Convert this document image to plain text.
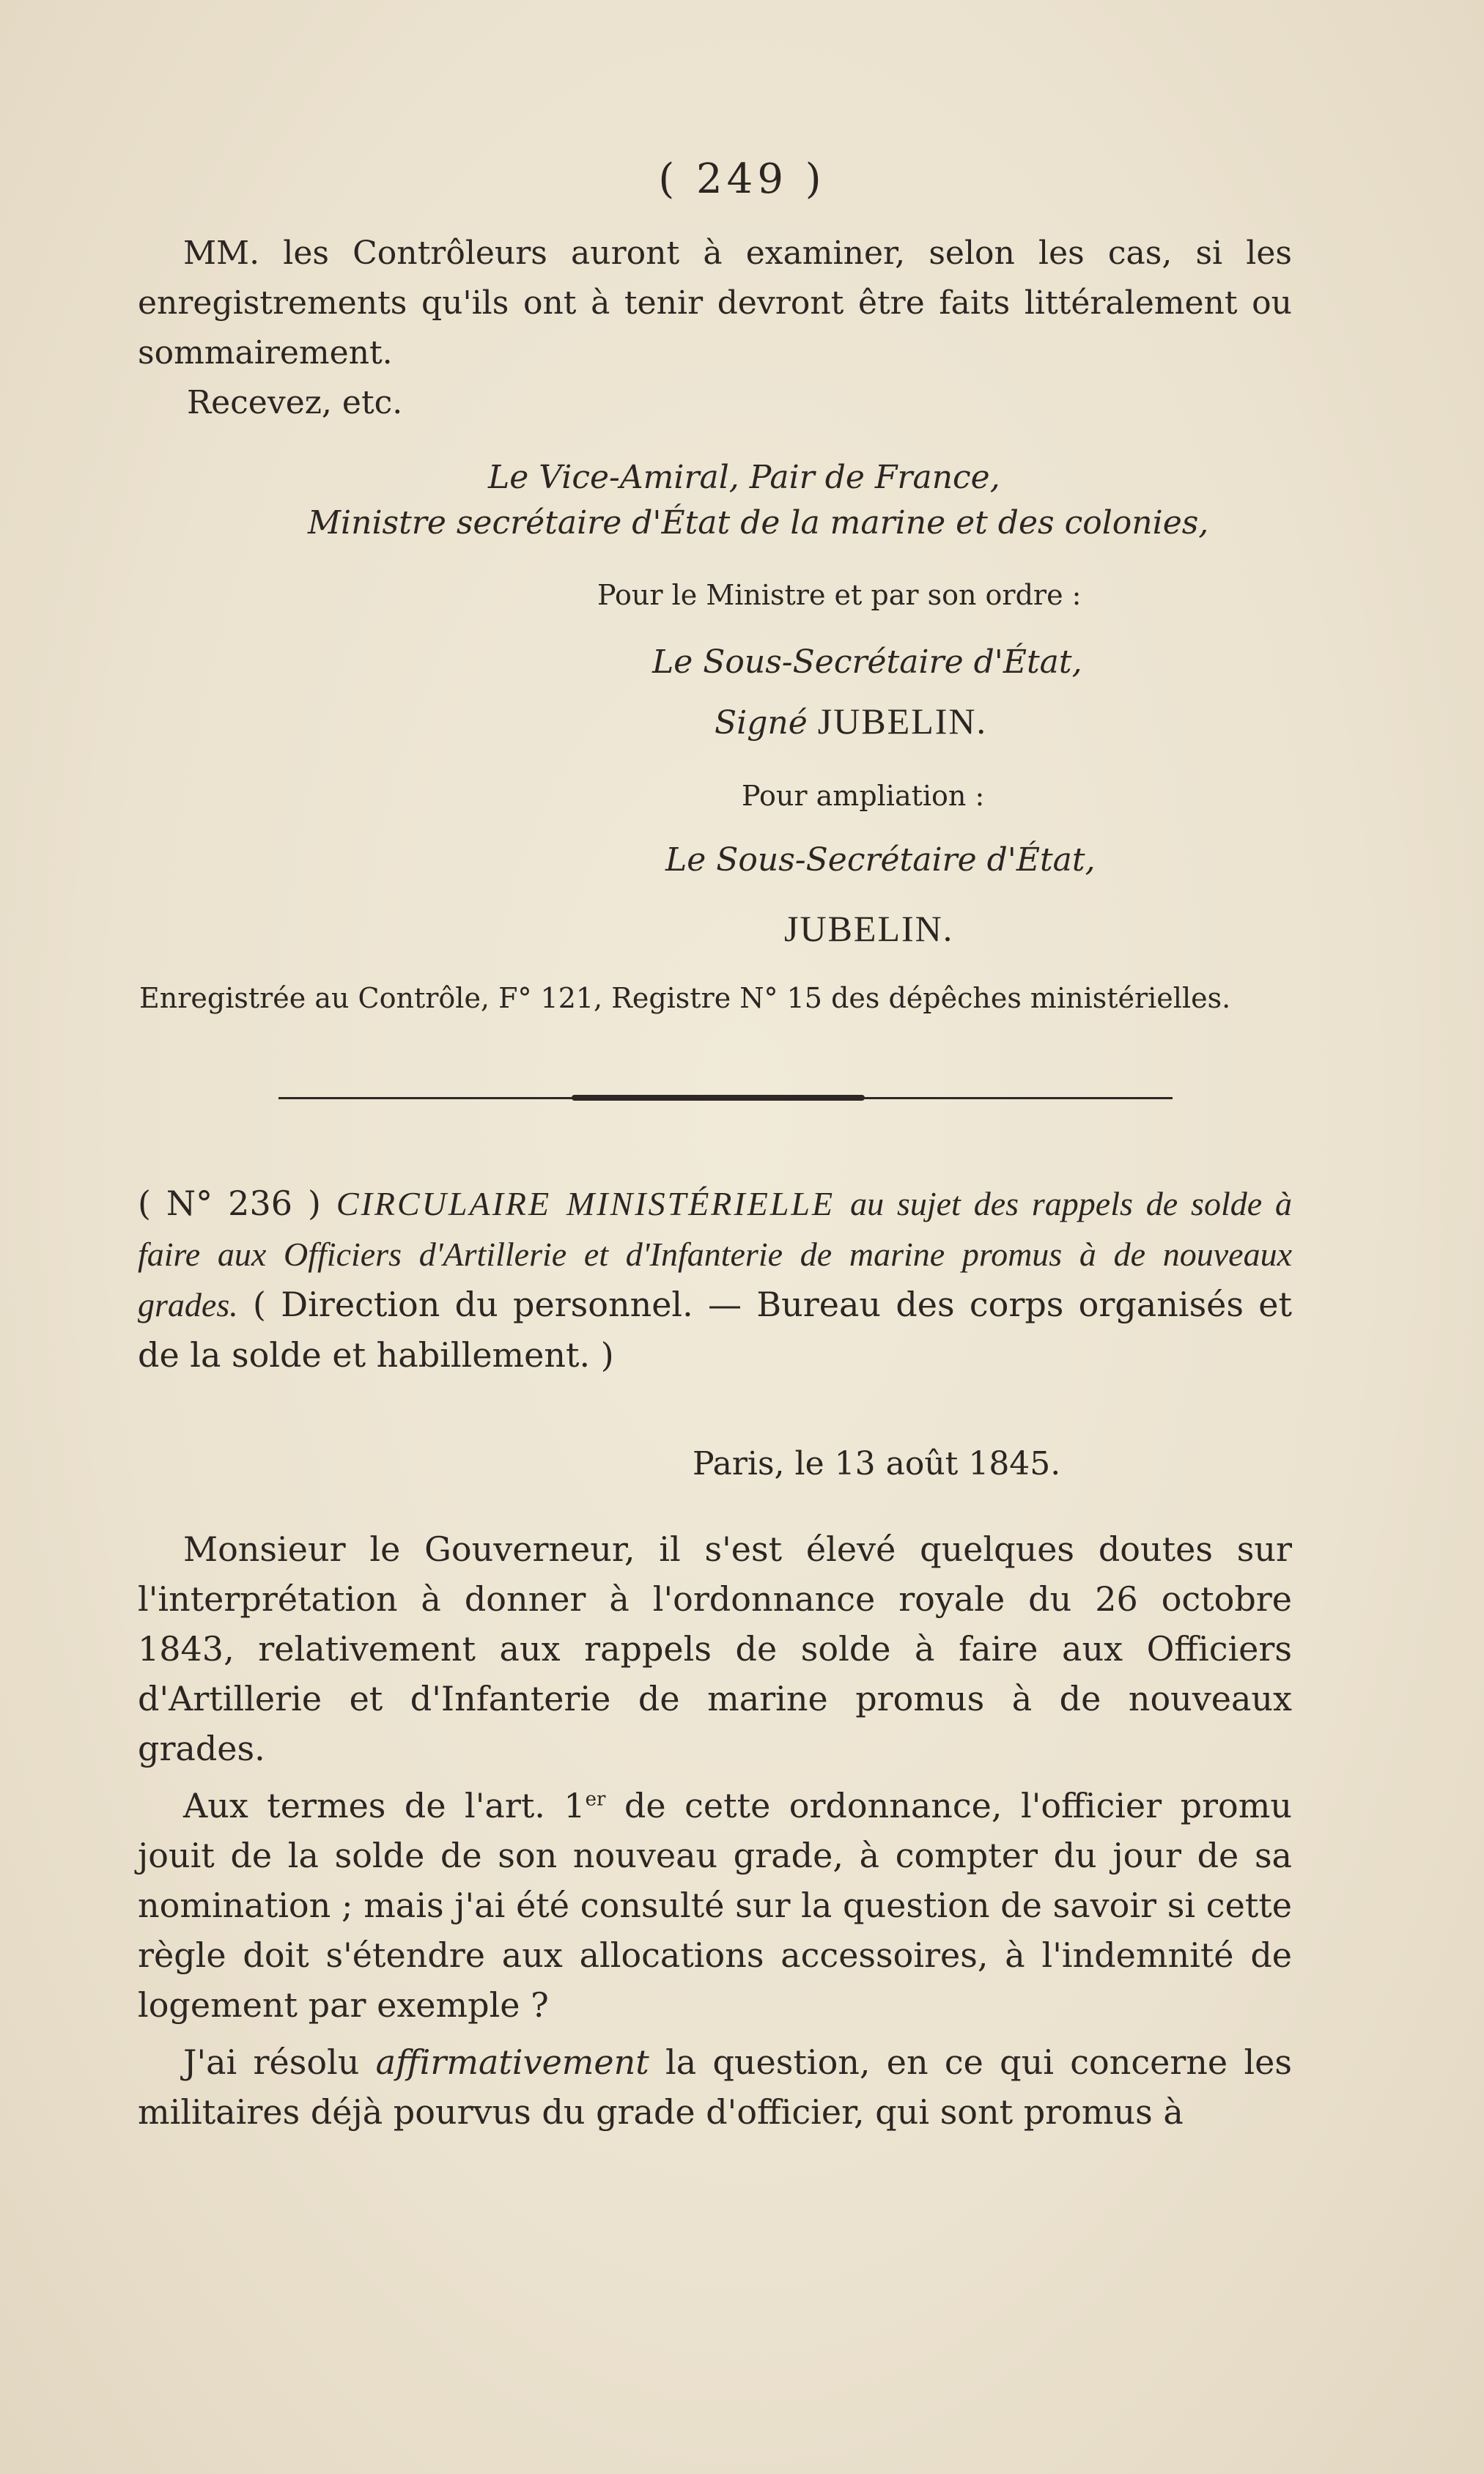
( 249 )
MM. les Contrôleurs auront à examiner, selon les cas, si les enregistrements qu'ils ont à tenir devront être faits littéralement ou sommairement.
Recevez, etc.
Le Vice-Amiral, Pair de France,
Ministre secrétaire d'État de la marine et des colonies,
Pour le Ministre et par son ordre :
Le Sous-Secrétaire d'État,
Signé JUBELIN.
Pour ampliation :
Le Sous-Secrétaire d'État,
JUBELIN.
Enregistrée au Contrôle, F° 121, Registre N° 15 des dépêches ministérielles.
( N° 236 ) CIRCULAIRE MINISTÉRIELLE au sujet des rappels de solde à faire aux Officiers d'Artillerie et d'Infanterie de marine promus à de nouveaux grades. ( Direction du personnel. — Bureau des corps organisés et de la solde et habillement. )
Paris, le 13 août 1845.
Monsieur le Gouverneur, il s'est élevé quelques doutes sur l'interprétation à donner à l'ordonnance royale du 26 octobre 1843, relativement aux rappels de solde à faire aux Officiers d'Artillerie et d'Infanterie de marine promus à de nouveaux grades.
Aux termes de l'art. 1er de cette ordonnance, l'officier promu jouit de la solde de son nouveau grade, à compter du jour de sa nomination ; mais j'ai été consulté sur la question de savoir si cette règle doit s'étendre aux allocations accessoires, à l'indemnité de logement par exemple ?
J'ai résolu affirmativement la question, en ce qui concerne les militaires déjà pourvus du grade d'officier, qui sont promus à
